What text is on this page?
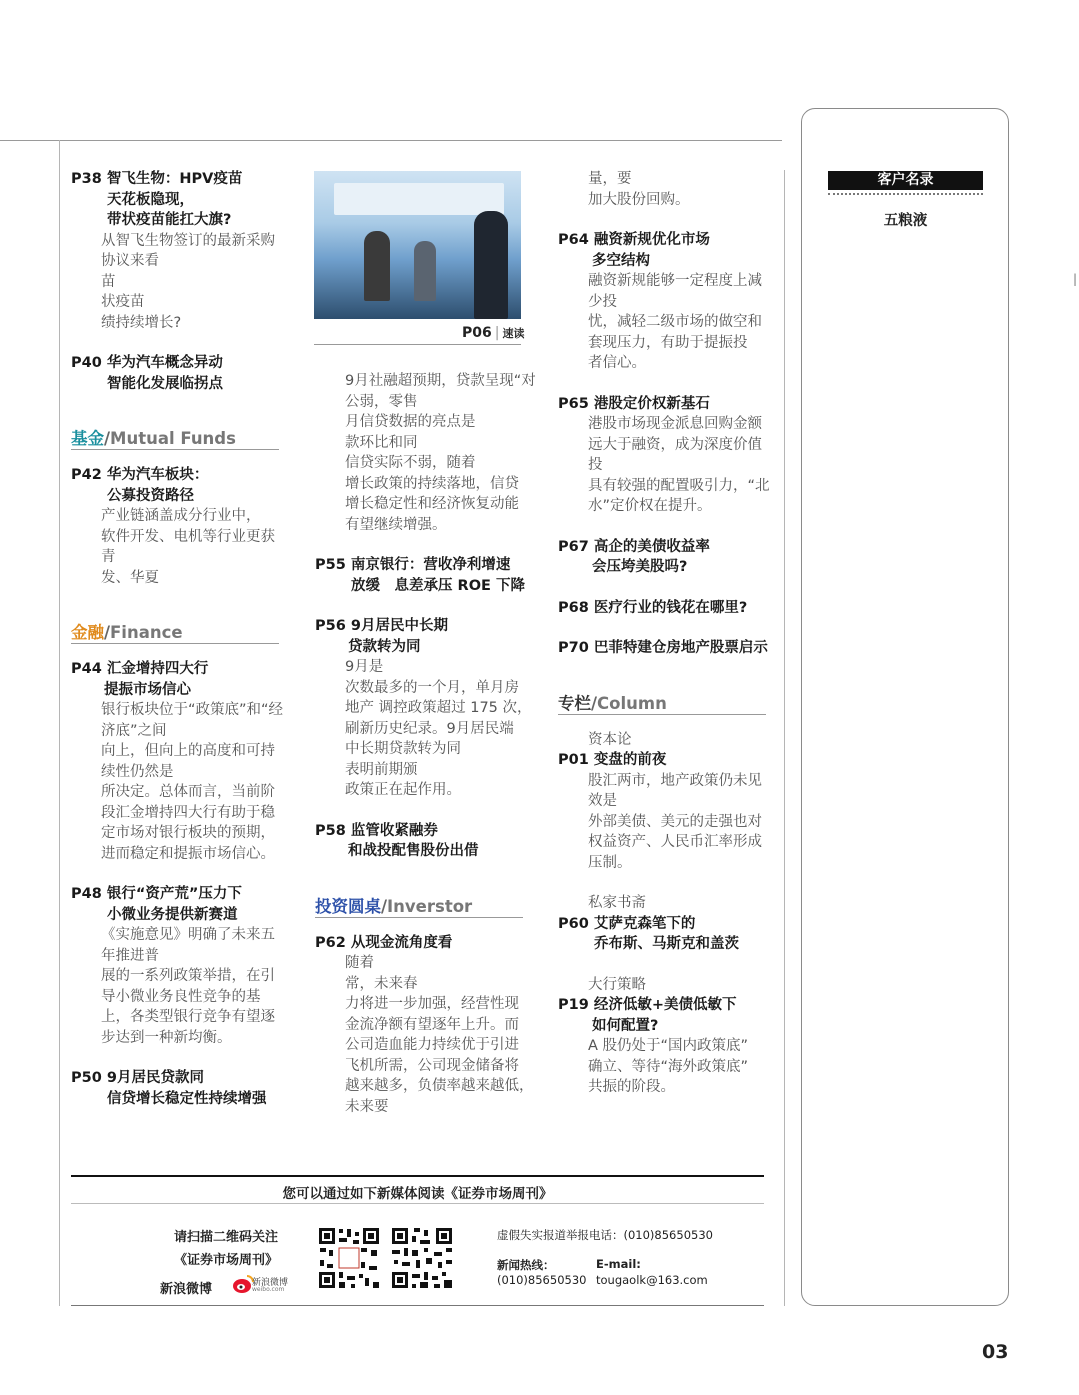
P38 智飞生物：HPV疫苗
天花板隐现，
带状疫苗能扛大旗?
从智飞生物签订的最新采购
协议来看
苗
状疫苗
绩持续增长?
P40 华为汽车概念异动
智能化发展临拐点
基金/Mutual Funds
P42 华为汽车板块：
公募投资路径
产业链涵盖成分行业中，
软件开发、电机等行业更获
青
发、华夏
金融/Finance
P44 汇金增持四大行
提振市场信心
银行板块位于“政策底”和“经
济底”之间
向上，但向上的高度和可持
续性仍然是
所决定。总体而言，当前阶
段汇金增持四大行有助于稳
定市场对银行板块的预期，
进而稳定和提振市场信心。
P48 银行“资产荒”压力下
小微业务提供新赛道
《实施意见》明确了未来五
年推进普
展的一系列政策举措，在引
导小微业务良性竞争的基
上，各类型银行竞争有望逐
步达到一种新均衡。
P50 9月居民贷款同
信贷增长稳定性持续增强
P06 | 速读
9月社融超预期，贷款呈现“对
公弱，零售
月信贷数据的亮点是
款环比和同
信贷实际不弱，随着
增长政策的持续落地，信贷
增长稳定性和经济恢复动能
有望继续增强。
P55 南京银行：营收净利增速
放缓　息差承压 ROE 下降
P56 9月居民中长期
贷款转为同
9月是
次数最多的一个月，单月房
地产 调控政策超过 175 次，
刷新历史纪录。9月居民端
中长期贷款转为同
表明前期颁
政策正在起作用。
P58 监管收紧融券
和战投配售股份出借
投资圆桌/Inverstor
P62 从现金流角度看
随着
常，未来春
力将进一步加强，经营性现
金流净额有望逐年上升。而
公司造血能力持续优于引进
飞机所需，公司现金储备将
越来越多，负债率越来越低，
未来要
量，要
加大股份回购。
P64 融资新规优化市场
多空结构
融资新规能够一定程度上减
少投
忧，减轻二级市场的做空和
套现压力，有助于提振投
者信心。
P65 港股定价权新基石
港股市场现金派息回购金额
远大于融资，成为深度价值
投
具有较强的配置吸引力，“北
水”定价权在提升。
P67 高企的美债收益率
会压垮美股吗?
P68 医疗行业的钱花在哪里?
P70 巴菲特建仓房地产股票启示
专栏/Column
资本论
P01 变盘的前夜
股汇两市，地产政策仍未见
效是
外部美债、美元的走强也对
权益资产、人民币汇率形成
压制。
私家书斋
P60 艾萨克森笔下的
乔布斯、马斯克和盖茨
大行策略
P19 经济低敏+美债低敏下
如何配置?
A 股仍处于“国内政策底”
确立、等待“海外政策底”
共振的阶段。
客户名录
五粮液
您可以通过如下新媒体阅读《证券市场周刊》
请扫描二维码关注
《证券市场周刊》
新浪微博	新浪微博
weibo.com
虚假失实报道举报电话：(010)85650530
新闻热线：
(010)85650530
E-mail:
tougaolk@163.com
03
|
